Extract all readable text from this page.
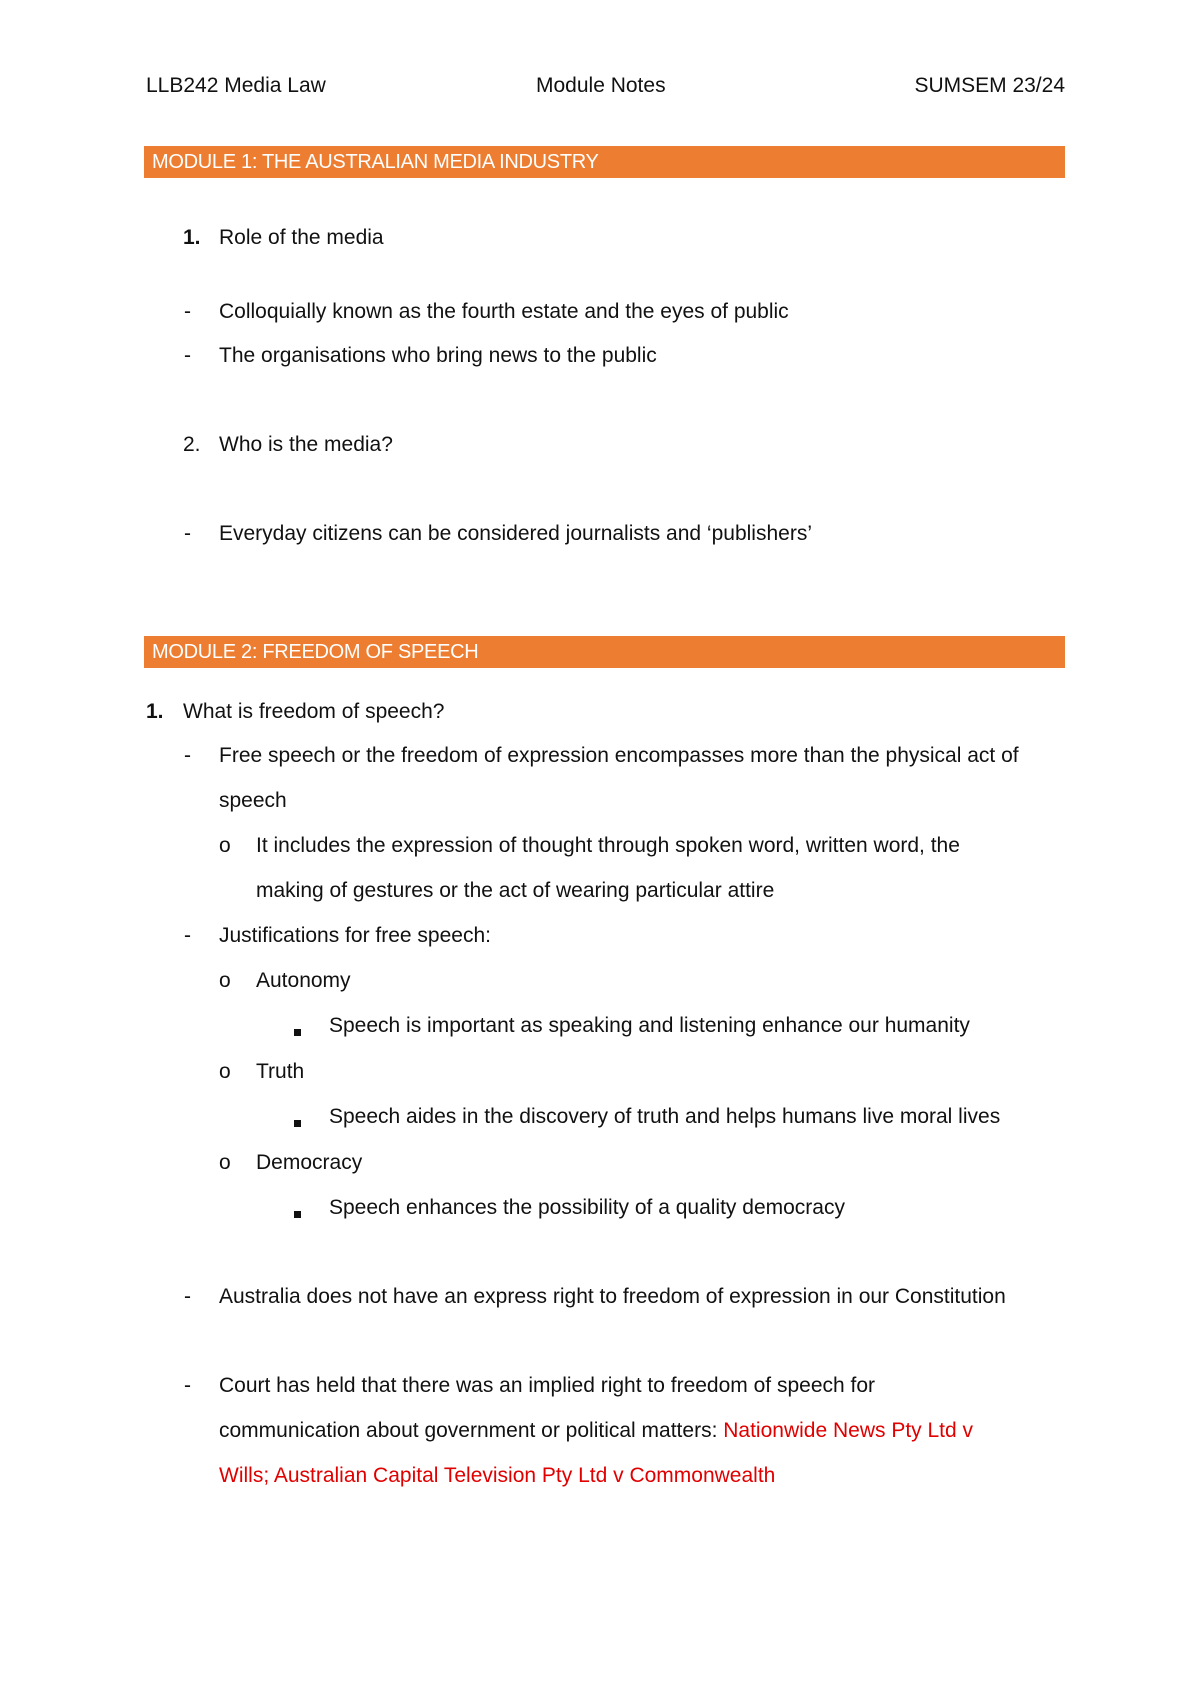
LLB242 Media Law	Module Notes	SUMSEM 23/24
MODULE 1: THE AUSTRALIAN MEDIA INDUSTRY
1. Role of the media
- Colloquially known as the fourth estate and the eyes of public
- The organisations who bring news to the public
2. Who is the media?
- Everyday citizens can be considered journalists and ‘publishers’
MODULE 2: FREEDOM OF SPEECH
1. What is freedom of speech?
- Free speech or the freedom of expression encompasses more than the physical act of
speech
o It includes the expression of thought through spoken word, written word, the
making of gestures or the act of wearing particular attire
- Justifications for free speech:
o Autonomy
Speech is important as speaking and listening enhance our humanity
o Truth
Speech aides in the discovery of truth and helps humans live moral lives
o Democracy
Speech enhances the possibility of a quality democracy
- Australia does not have an express right to freedom of expression in our Constitution
- Court has held that there was an implied right to freedom of speech for
communication about government or political matters: Nationwide News Pty Ltd v
Wills; Australian Capital Television Pty Ltd v Commonwealth
